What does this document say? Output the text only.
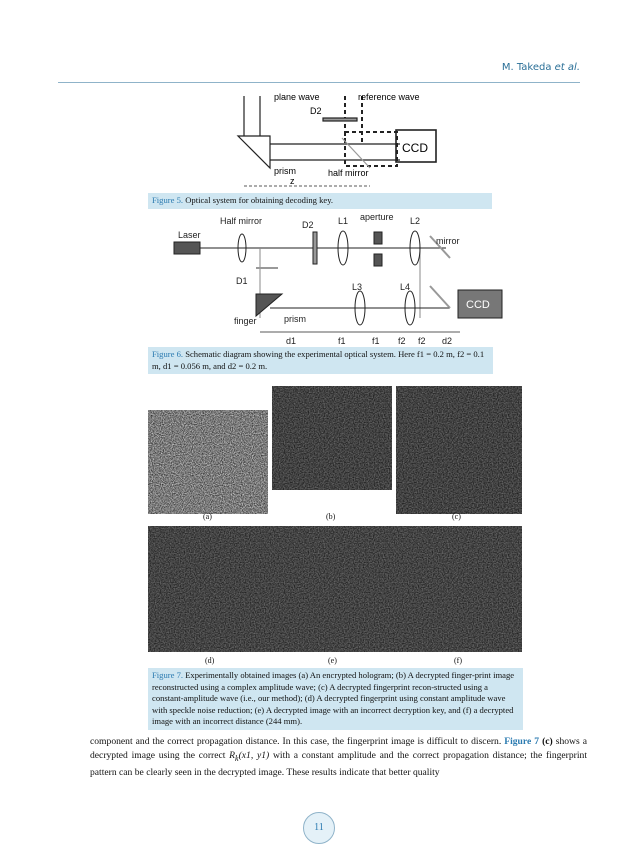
M. Takeda et al.
plane wave	reference wave
D2
CCD
prism	half mirror
z
Figure 5. Optical system for obtaining decoding key.
Laser
Half mirror	D2	L1 aperture L2
mirror
D1
L3	L4
CCD
finger	prism
d1	f1	f1 f2 f2 d2
Figure 6. Schematic diagram showing the experimental optical system. Here f1 = 0.2 m, f2 = 0.1 m, d1 = 0.056 m, and d2 = 0.2 m.
(a)	(b)	(c)
(d)	(e)	(f)
Figure 7. Experimentally obtained images (a) An encrypted hologram; (b) A decrypted finger-print image reconstructed using a complex amplitude wave; (c) A decrypted fingerprint recon-structed using a constant-amplitude wave (i.e., our method); (d) A decrypted fingerprint using constant amplitude wave with speckle noise reduction; (e) A decrypted image with an incorrect decryption key, and (f) a decrypted image with an incorrect distance (244 mm).
component and the correct propagation distance. In this case, the fingerprint image is difficult to discern. Figure 7 (c) shows a decrypted image using the correct $R_k(x1$, y1) with a constant amplitude and the correct propagation distance; the fingerprint pattern can be clearly seen in the decrypted image. These results indicate that better quality
11
